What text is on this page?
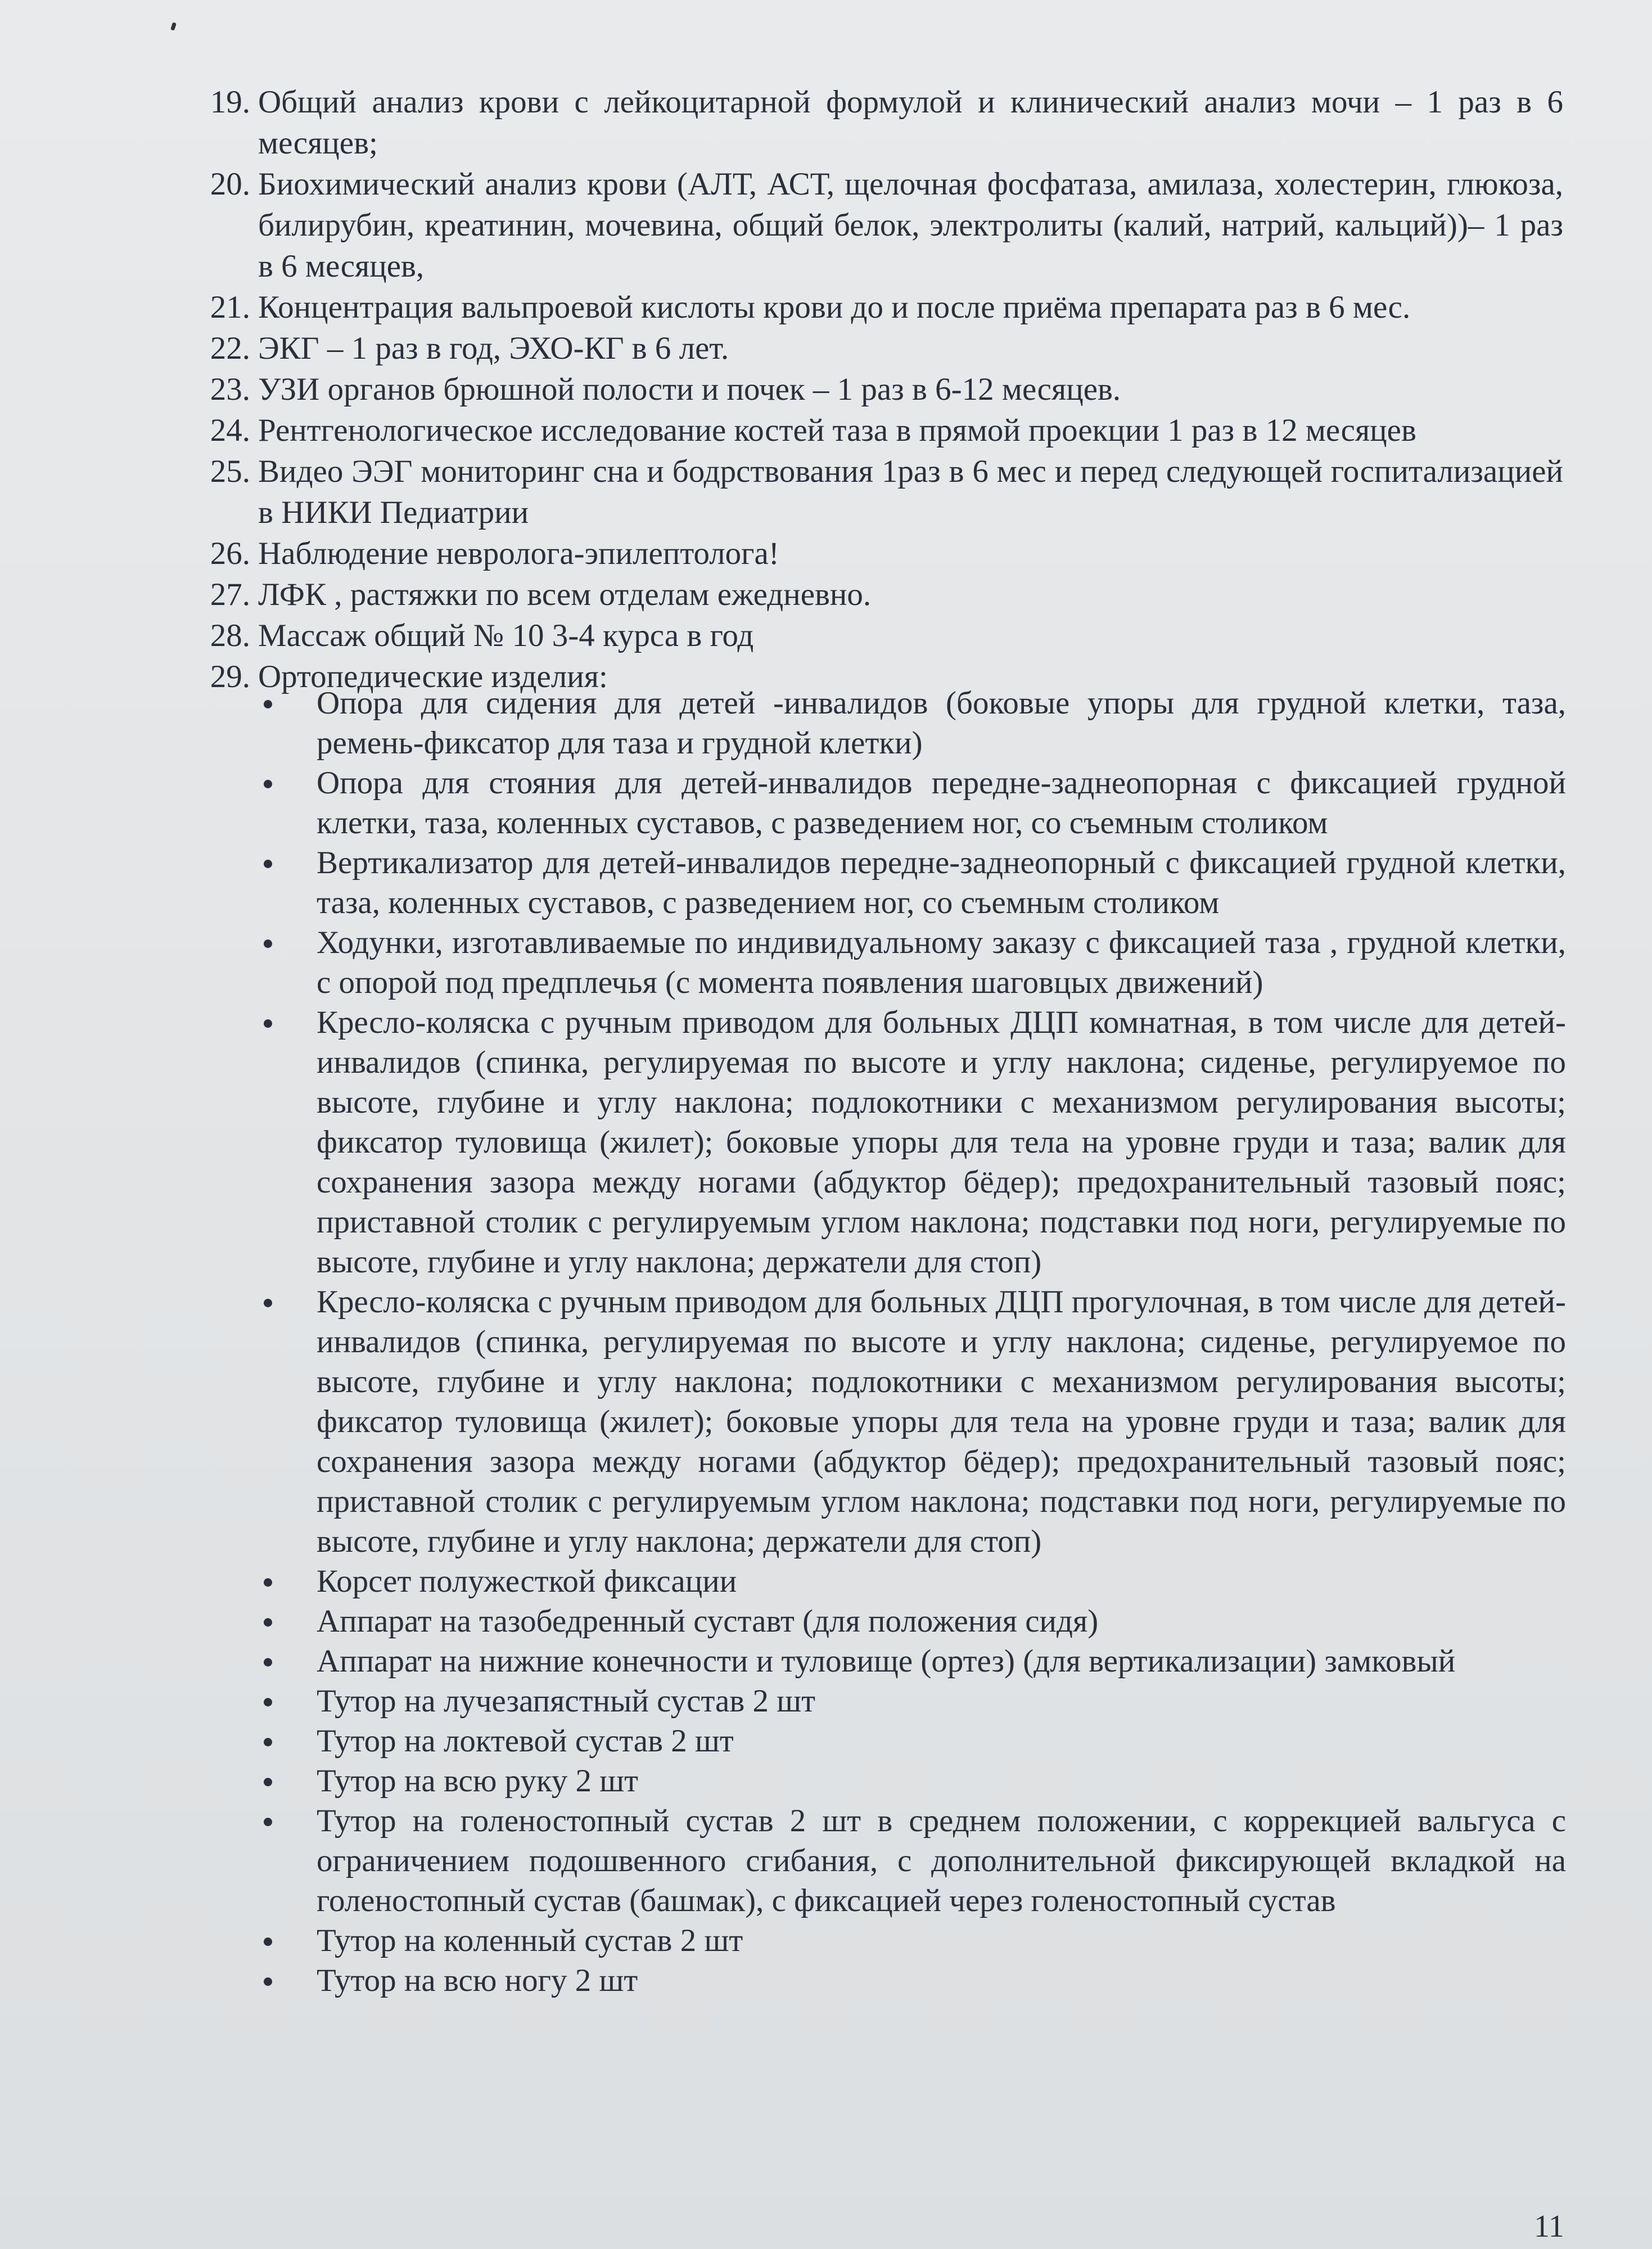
19. Общий анализ крови с лейкоцитарной формулой и клинический анализ мочи – 1 раз в 6 месяцев;
20. Биохимический анализ крови (АЛТ, АСТ, щелочная фосфатаза, амилаза, холестерин, глюкоза, билирубин, креатинин, мочевина, общий белок, электролиты (калий, натрий, кальций))– 1 раз в 6 месяцев,
21. Концентрация вальпроевой кислоты крови до и после приёма препарата раз в 6 мес.
22. ЭКГ – 1 раз в год, ЭХО-КГ в 6 лет.
23. УЗИ органов брюшной полости и почек – 1 раз в 6-12 месяцев.
24. Рентгенологическое исследование костей таза в прямой проекции 1 раз в 12 месяцев
25. Видео ЭЭГ мониторинг сна и бодрствования 1раз в 6 мес и перед следующей госпитализацией в НИКИ Педиатрии
26. Наблюдение невролога-эпилептолога!
27. ЛФК , растяжки по всем отделам ежедневно.
28. Массаж общий № 10 3-4 курса в год
29. Ортопедические изделия:
Опора для сидения для детей -инвалидов (боковые упоры для грудной клетки, таза, ремень-фиксатор для таза и грудной клетки)
Опора для стояния для детей-инвалидов передне-заднеопорная с фиксацией грудной клетки, таза, коленных суставов, с разведением ног, со съемным столиком
Вертикализатор для детей-инвалидов передне-заднеопорный с фиксацией грудной клетки, таза, коленных суставов, с разведением ног, со съемным столиком
Ходунки, изготавливаемые по индивидуальному заказу с фиксацией таза , грудной клетки, с опорой под предплечья (с момента появления шаговцых движений)
Кресло-коляска с ручным приводом для больных ДЦП комнатная, в том числе для детей-инвалидов (спинка, регулируемая по высоте и углу наклона; сиденье, регулируемое по высоте, глубине и углу наклона; подлокотники с механизмом регулирования высоты; фиксатор туловища (жилет); боковые упоры для тела на уровне груди и таза; валик для сохранения зазора между ногами (абдуктор бёдер); предохранительный тазовый пояс; приставной столик с регулируемым углом наклона; подставки под ноги, регулируемые по высоте, глубине и углу наклона; держатели для стоп)
Кресло-коляска с ручным приводом для больных ДЦП прогулочная, в том числе для детей-инвалидов (спинка, регулируемая по высоте и углу наклона; сиденье, регулируемое по высоте, глубине и углу наклона; подлокотники с механизмом регулирования высоты; фиксатор туловища (жилет); боковые упоры для тела на уровне груди и таза; валик для сохранения зазора между ногами (абдуктор бёдер); предохранительный тазовый пояс; приставной столик с регулируемым углом наклона; подставки под ноги, регулируемые по высоте, глубине и углу наклона; держатели для стоп)
Корсет полужесткой фиксации
Аппарат на тазобедренный суставт (для положения сидя)
Аппарат на нижние конечности и туловище (ортез) (для вертикализации) замковый
Тутор на лучезапястный сустав 2 шт
Тутор на локтевой сустав 2 шт
Тутор на всю руку 2 шт
Тутор на голеностопный сустав 2 шт в среднем положении, с коррекцией вальгуса с ограничением подошвенного сгибания, с дополнительной фиксирующей вкладкой на голеностопный сустав (башмак), с фиксацией через голеностопный сустав
Тутор на коленный сустав 2 шт
Тутор на всю ногу 2 шт
11
